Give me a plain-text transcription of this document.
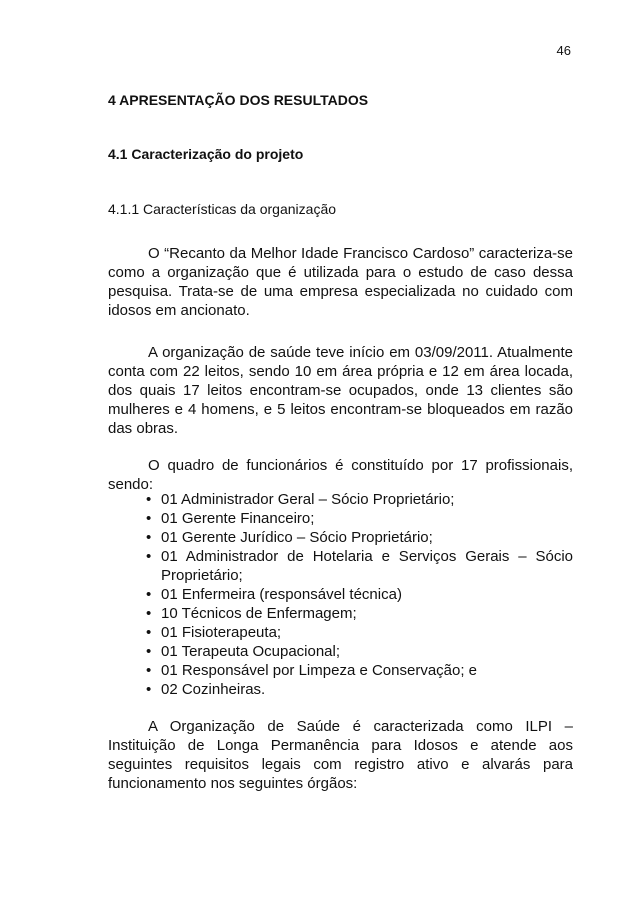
46
4 APRESENTAÇÃO DOS RESULTADOS
4.1 Caracterização do projeto
4.1.1 Características da organização

O “Recanto da Melhor Idade Francisco Cardoso” caracteriza-se como a organização que é utilizada para o estudo de caso dessa pesquisa. Trata-se de uma empresa especializada no cuidado com idosos em ancionato.

A organização de saúde teve início em 03/09/2011. Atualmente conta com 22 leitos, sendo 10 em área própria e 12 em área locada, dos quais 17 leitos encontram-se ocupados, onde 13 clientes são mulheres e 4 homens, e 5 leitos encontram-se bloqueados em razão das obras.

O quadro de funcionários é constituído por 17 profissionais, sendo:

• 01 Administrador Geral – Sócio Proprietário;
• 01 Gerente Financeiro;
• 01 Gerente Jurídico – Sócio Proprietário;
• 01 Administrador de Hotelaria e Serviços Gerais – Sócio Proprietário;
• 01 Enfermeira (responsável técnica)
• 10 Técnicos de Enfermagem;
• 01 Fisioterapeuta;
• 01 Terapeuta Ocupacional;
• 01 Responsável por Limpeza e Conservação; e
• 02 Cozinheiras.

A Organização de Saúde é caracterizada como ILPI – Instituição de Longa Permanência para Idosos e atende aos seguintes requisitos legais com registro ativo e alvarás para funcionamento nos seguintes órgãos:
